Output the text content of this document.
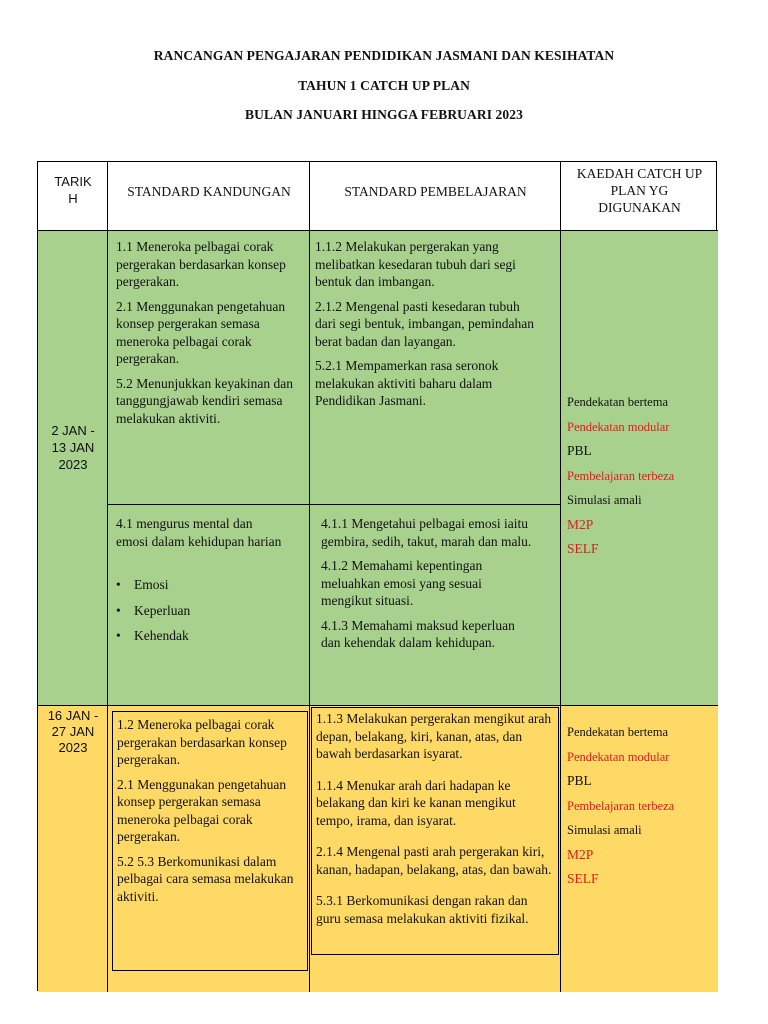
RANCANGAN PENGAJARAN PENDIDIKAN JASMANI DAN KESIHATAN
TAHUN 1 CATCH UP PLAN
BULAN JANUARI HINGGA FEBRUARI 2023
TARIK
H	STANDARD KANDUNGAN	STANDARD PEMBELAJARAN
KAEDAH CATCH UP
PLAN YG
DIGUNAKAN
2 JAN -
13 JAN
2023

1.1 Meneroka pelbagai corak pergerakan berdasarkan konsep pergerakan.

2.1 Menggunakan pengetahuan konsep pergerakan semasa meneroka pelbagai corak pergerakan.

5.2 Menunjukkan keyakinan dan tanggungjawab kendiri semasa melakukan aktiviti.

1.1.2 Melakukan pergerakan yang melibatkan kesedaran tubuh dari segi bentuk dan imbangan.

2.1.2 Mengenal pasti kesedaran tubuh dari segi bentuk, imbangan, pemindahan berat badan dan layangan.

5.2.1 Mempamerkan rasa seronok melakukan aktiviti baharu dalam Pendidikan Jasmani.

4.1 mengurus mental dan emosi dalam kehidupan harian

• Emosi
• Keperluan
• Kehendak

4.1.1 Mengetahui pelbagai emosi iaitu gembira, sedih, takut, marah dan malu.

4.1.2 Memahami kepentingan meluahkan emosi yang sesuai mengikut situasi.

4.1.3 Memahami maksud keperluan dan kehendak dalam kehidupan.

Pendekatan bertema

Pendekatan modular

PBL

Pembelajaran terbeza

Simulasi amali

M2P

SELF

16 JAN -
27 JAN
2023

1.2 Meneroka pelbagai corak pergerakan berdasarkan konsep pergerakan.

2.1 Menggunakan pengetahuan konsep pergerakan semasa meneroka pelbagai corak pergerakan.

5.2 5.3 Berkomunikasi dalam pelbagai cara semasa melakukan aktiviti.

1.1.3 Melakukan pergerakan mengikut arah depan, belakang, kiri, kanan, atas, dan bawah berdasarkan isyarat.

1.1.4 Menukar arah dari hadapan ke belakang dan kiri ke kanan mengikut tempo, irama, dan isyarat.

2.1.4 Mengenal pasti arah pergerakan kiri, kanan, hadapan, belakang, atas, dan bawah.

5.3.1 Berkomunikasi dengan rakan dan guru semasa melakukan aktiviti fizikal.

Pendekatan bertema

Pendekatan modular

PBL

Pembelajaran terbeza

Simulasi amali

M2P

SELF
